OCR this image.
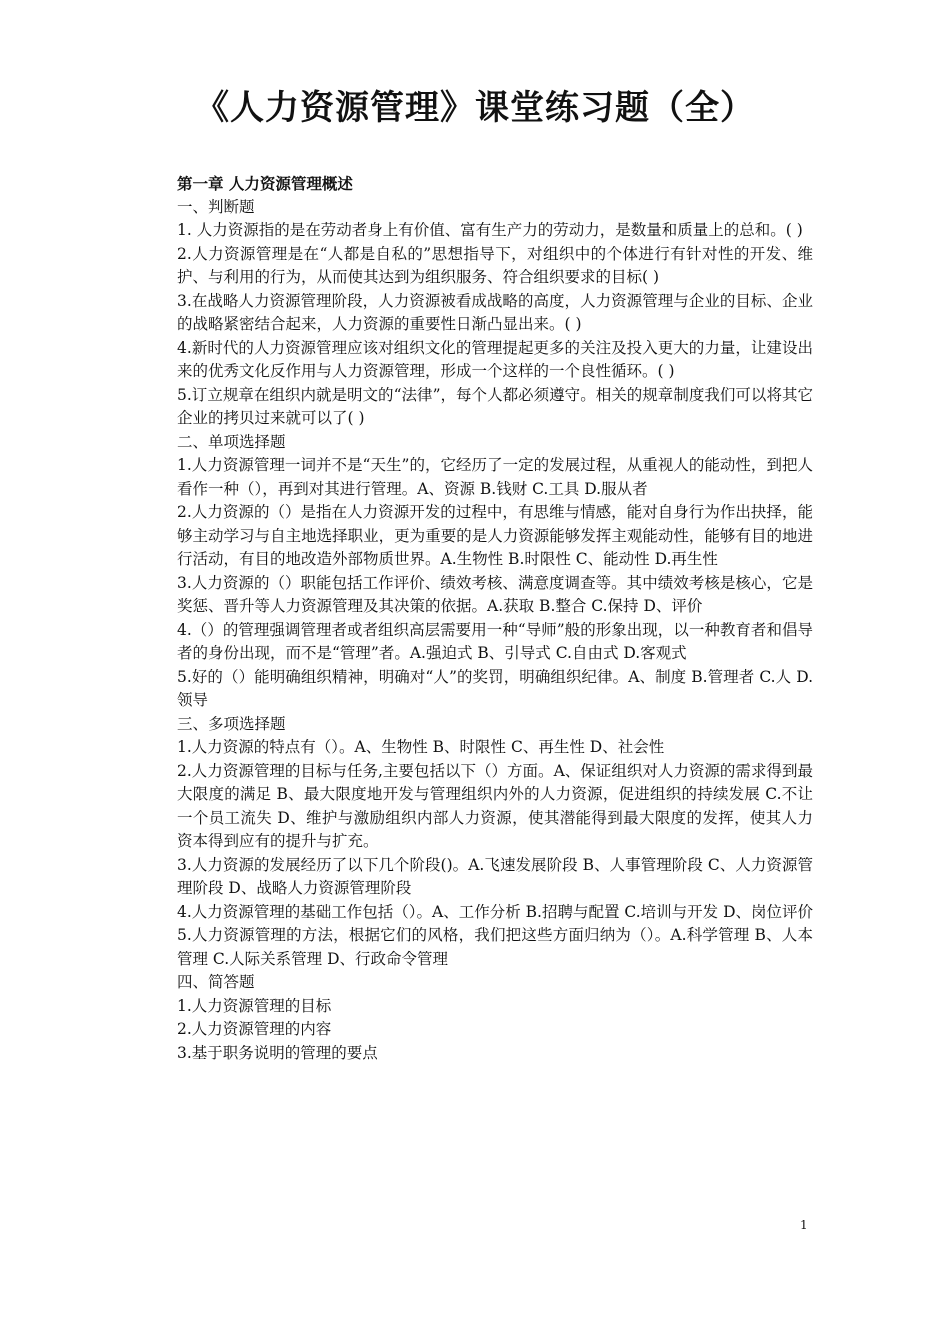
《人力资源管理》课堂练习题（全）

第一章 人力资源管理概述

一、判断题

1. 人力资源指的是在劳动者身上有价值、富有生产力的劳动力，是数量和质量上的总和。( )

2.人力资源管理是在“人都是自私的”思想指导下，对组织中的个体进行有针对性的开发、维护、与利用的行为，从而使其达到为组织服务、符合组织要求的目标( )

3.在战略人力资源管理阶段，人力资源被看成战略的高度，人力资源管理与企业的目标、企业的战略紧密结合起来，人力资源的重要性日渐凸显出来。( )

4.新时代的人力资源管理应该对组织文化的管理提起更多的关注及投入更大的力量，让建设出来的优秀文化反作用与人力资源管理，形成一个这样的一个良性循环。( )

5.订立规章在组织内就是明文的“法律”，每个人都必须遵守。相关的规章制度我们可以将其它企业的拷贝过来就可以了( )

二、单项选择题

1.人力资源管理一词并不是“天生”的，它经历了一定的发展过程，从重视人的能动性，到把人看作一种（），再到对其进行管理。A、资源 B.钱财 C.工具 D.服从者

2.人力资源的（）是指在人力资源开发的过程中，有思维与情感，能对自身行为作出抉择，能够主动学习与自主地选择职业，更为重要的是人力资源能够发挥主观能动性，能够有目的地进行活动，有目的地改造外部物质世界。A.生物性 B.时限性 C、能动性 D.再生性

3.人力资源的（）职能包括工作评价、绩效考核、满意度调查等。其中绩效考核是核心，它是奖惩、晋升等人力资源管理及其决策的依据。A.获取 B.整合 C.保持 D、评价

4.（）的管理强调管理者或者组织高层需要用一种“导师”般的形象出现，以一种教育者和倡导者的身份出现，而不是“管理”者。A.强迫式 B、引导式 C.自由式 D.客观式

5.好的（）能明确组织精神，明确对“人”的奖罚，明确组织纪律。A、制度 B.管理者 C.人 D.领导

三、多项选择题

1.人力资源的特点有（）。A、生物性 B、时限性 C、再生性 D、社会性

2.人力资源管理的目标与任务,主要包括以下（）方面。A、保证组织对人力资源的需求得到最大限度的满足 B、最大限度地开发与管理组织内外的人力资源，促进组织的持续发展 C.不让一个员工流失 D、维护与激励组织内部人力资源，使其潜能得到最大限度的发挥，使其人力资本得到应有的提升与扩充。

3.人力资源的发展经历了以下几个阶段()。A.飞速发展阶段 B、人事管理阶段 C、人力资源管理阶段 D、战略人力资源管理阶段

4.人力资源管理的基础工作包括（）。A、工作分析 B.招聘与配置 C.培训与开发 D、岗位评价

5.人力资源管理的方法，根据它们的风格，我们把这些方面归纳为（）。A.科学管理 B、人本管理 C.人际关系管理 D、行政命令管理

四、简答题

1.人力资源管理的目标

2.人力资源管理的内容

3.基于职务说明的管理的要点

1
